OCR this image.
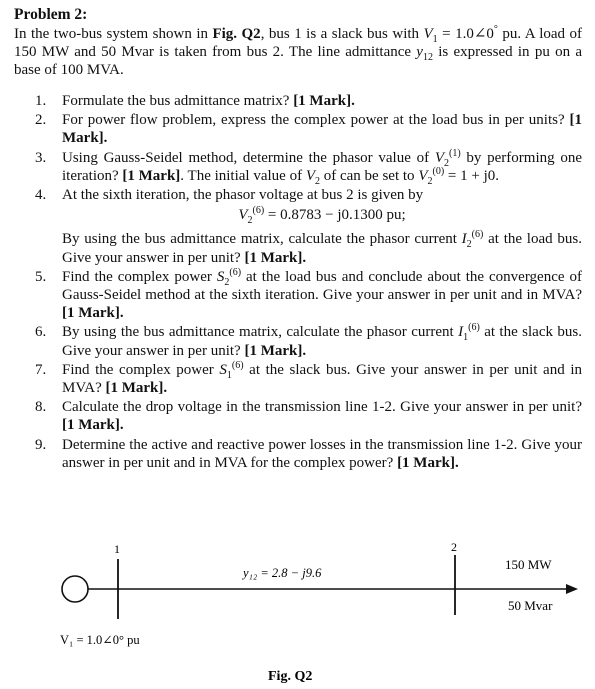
Problem 2:
In the two-bus system shown in Fig. Q2, bus 1 is a slack bus with $V_1$ = 1.0∠0° pu. A load of 150 MW and 50 Mvar is taken from bus 2. The line admittance $y_{12}$ is expressed in pu on a base of 100 MVA.
1. Formulate the bus admittance matrix? [1 Mark].
2. For power flow problem, express the complex power at the load bus in per units? [1 Mark].
3. Using Gauss-Seidel method, determine the phasor value of $V_2^{(1)}$ by performing one iteration? [1 Mark]. The initial value of $V_2$ of can be set to $V_2^{(0)} = 1 + j0$.
4. At the sixth iteration, the phasor voltage at bus 2 is given by
$V_2^{(6)} = 0.8783 - j0.1300$ pu;
By using the bus admittance matrix, calculate the phasor current $I_2^{(6)}$ at the load bus. Give your answer in per unit? [1 Mark].
5. Find the complex power $S_2^{(6)}$ at the load bus and conclude about the convergence of Gauss-Seidel method at the sixth iteration. Give your answer in per unit and in MVA? [1 Mark].
6. By using the bus admittance matrix, calculate the phasor current $I_1^{(6)}$ at the slack bus. Give your answer in per unit? [1 Mark].
7. Find the complex power $S_1^{(6)}$ at the slack bus. Give your answer in per unit and in MVA? [1 Mark].
8. Calculate the drop voltage in the transmission line 1-2. Give your answer in per unit? [1 Mark].
9. Determine the active and reactive power losses in the transmission line 1-2. Give your answer in per unit and in MVA for the complex power? [1 Mark].
1
y₁₂ = 2.8 − j9.6
2
150 MW
50 Mvar
V₁ = 1.0∠0° pu
Fig. Q2
